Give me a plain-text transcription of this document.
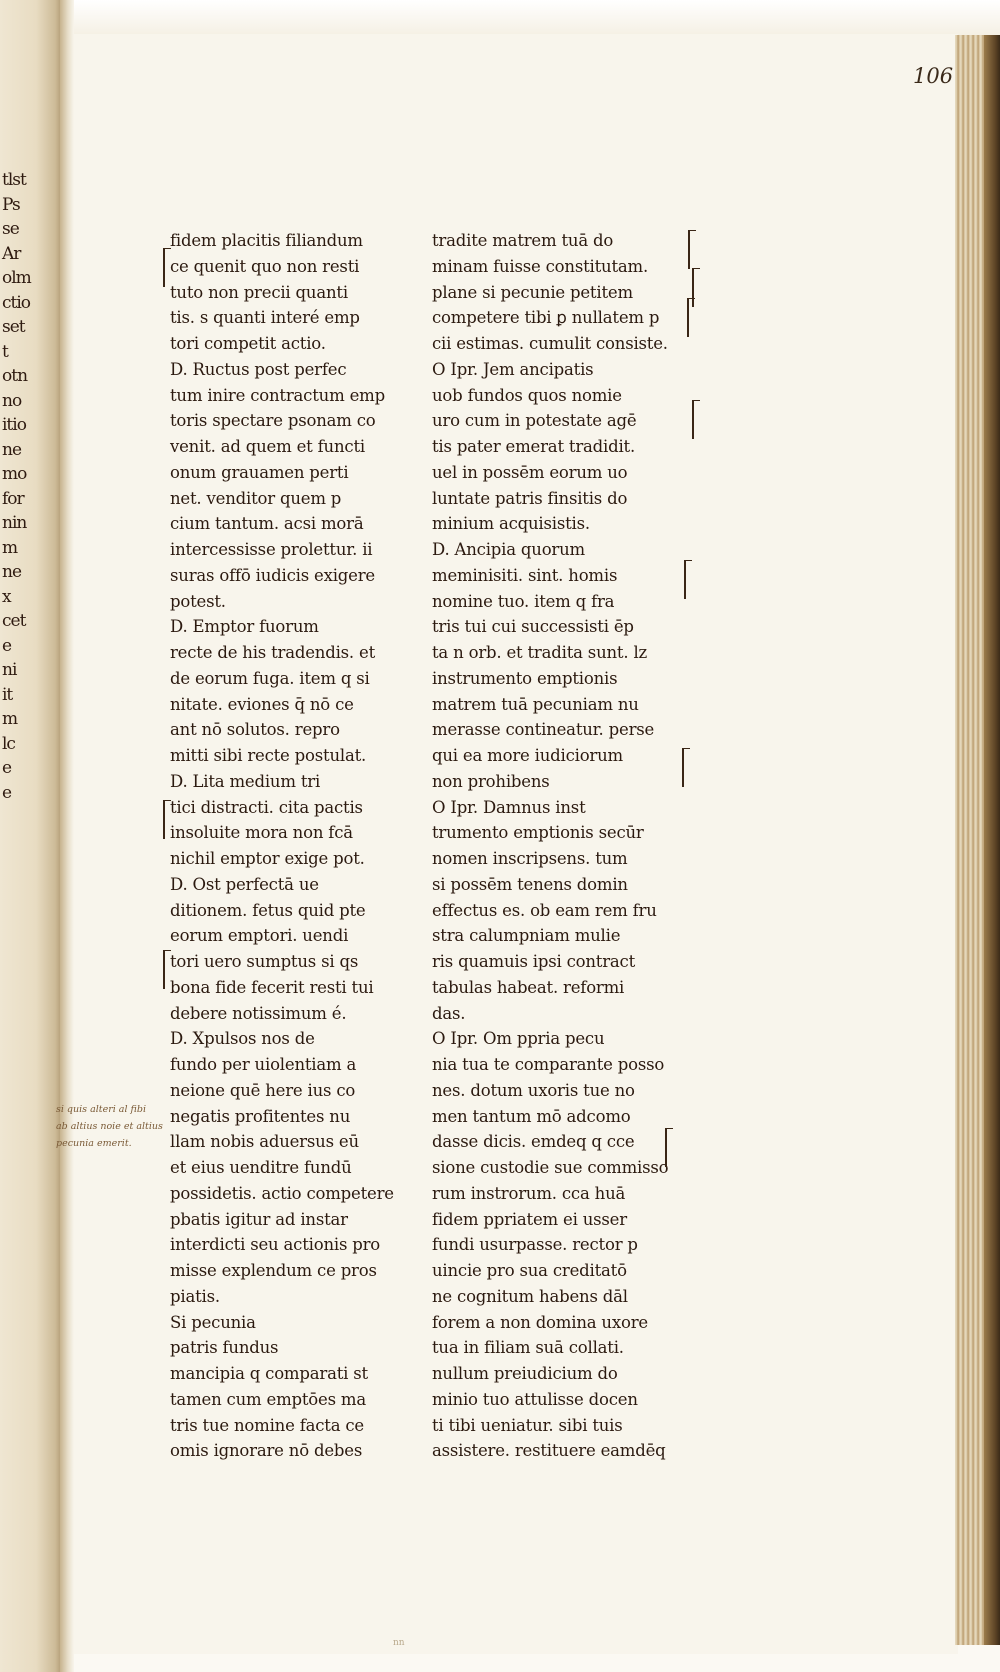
tlst
Ps
se
Ar
olm
ctio
set
t
otn
no
itio
ne
mo
for
nin
m
ne
x
cet
e
ni
it
m
lc
e
e
106
fidem placitis filiandum
ce quenit quo non resti
tuto non precii quanti
tis. s quanti interé emp
tori competit actio.
D. Ructus post perfec
tum inire contractum emp
toris spectare psonam co
venit. ad quem et functi
onum grauamen perti
net. venditor quem p
cium tantum. acsi morā
intercessisse prolettur. ii
suras offō iudicis exigere
potest.
D. Emptor fuorum
recte de his tradendis. et
de eorum fuga. item q si
nitate. eviones q̄ nō ce
ant nō solutos. repro
mitti sibi recte postulat.
D. Lita medium tri
tici distracti. cita pactis
insoluite mora non fcā
nichil emptor exige pot.
D. Ost perfectā ue
ditionem. fetus quid pte
eorum emptori. uendi
tori uero sumptus si qs
bona fide fecerit resti tui
debere notissimum é.
D. Xpulsos nos de
fundo per uiolentiam a
neione quē here ius co
negatis profitentes nu
llam nobis aduersus eū
et eius uenditre fundū
possidetis. actio competere
pbatis igitur ad instar
interdicti seu actionis pro
misse explendum ce pros
piatis.
Si pecunia
patris fundus
mancipia q comparati st
tamen cum emptōes ma
tris tue nomine facta ce
omis ignorare nō debes
tradite matrem tuā do
minam fuisse constitutam.
plane si pecunie petitem
competere tibi ꝑ nullatem p
cii estimas. cumulit consiste.
O Ipr. Jem ancipatis
uob fundos quos nomie
uro cum in potestate agē
tis pater emerat tradidit.
uel in possēm eorum uo
luntate patris finsitis do
minium acquisistis.
D. Ancipia quorum
meminisiti. sint. homis
nomine tuo. item q fra
tris tui cui successisti ēp
ta n orb. et tradita sunt. lz
instrumento emptionis
matrem tuā pecuniam nu
merasse contineatur. perse
qui ea more iudiciorum
non prohibens
O Ipr. Damnus inst
trumento emptionis secūr
nomen inscripsens. tum
si possēm tenens domin
effectus es. ob eam rem fru
stra calumpniam mulie
ris quamuis ipsi contract
tabulas habeat. reformi
das.
O Ipr. Om ppria pecu
nia tua te comparante posso
nes. dotum uxoris tue no
men tantum mō adcomo
dasse dicis. emdeq q cce
sione custodie sue commisso
rum instrorum. cca huā
fidem ppriatem ei usser
fundi usurpasse. rector p
uincie pro sua creditatō
ne cognitum habens dāl
forem a non domina uxore
tua in filiam suā collati.
nullum preiudicium do
minio tuo attulisse docen
ti tibi ueniatur. sibi tuis
assistere. restituere eamdēq
si quis alteri al fibi
ab altius noie et altius
pecunia emerit.
nn
